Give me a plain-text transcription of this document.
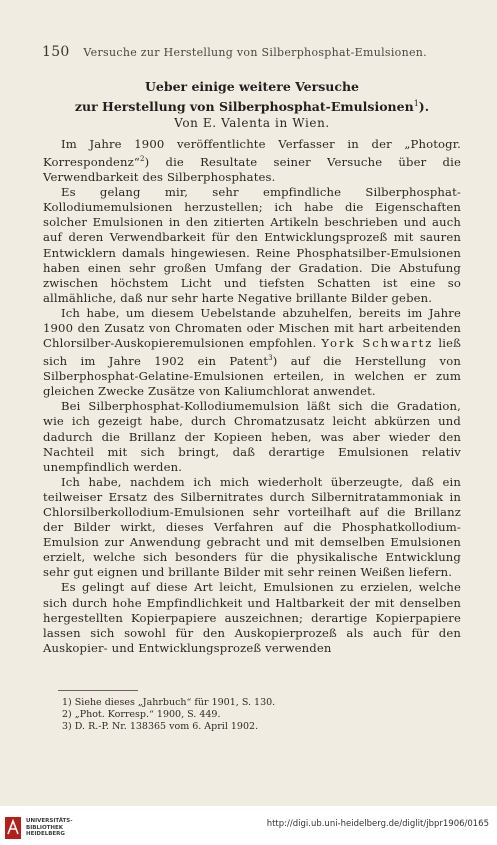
150 Versuche zur Herstellung von Silberphosphat-Emulsionen.
Ueber einige weitere Versuche
zur Herstellung von Silberphosphat-Emulsionen$^1$).
Von E. Valenta in Wien.

Im Jahre 1900 veröffentlichte Verfasser in der „Photogr. Korrespondenz“$^2$) die Resultate seiner Versuche über die Verwendbarkeit des Silberphosphates.

Es gelang mir, sehr empfindliche Silberphosphat-Kollodiumemulsionen herzustellen; ich habe die Eigenschaften solcher Emulsionen in den zitierten Artikeln beschrieben und auch auf deren Verwendbarkeit für den Entwicklungsprozeß mit sauren Entwicklern damals hingewiesen. Reine Phosphatsilber-Emulsionen haben einen sehr großen Umfang der Gradation. Die Abstufung zwischen höchstem Licht und tiefsten Schatten ist eine so allmähliche, daß nur sehr harte Negative brillante Bilder geben.

Ich habe, um diesem Uebelstande abzuhelfen, bereits im Jahre 1900 den Zusatz von Chromaten oder Mischen mit hart arbeitenden Chlorsilber-Auskopieremulsionen empfohlen. York Schwartz ließ sich im Jahre 1902 ein Patent$^3$) auf die Herstellung von Silberphosphat-Gelatine-Emulsionen erteilen, in welchen er zum gleichen Zwecke Zusätze von Kaliumchlorat anwendet.

Bei Silberphosphat-Kollodiumemulsion läßt sich die Gradation, wie ich gezeigt habe, durch Chromatzusatz leicht abkürzen und dadurch die Brillanz der Kopieen heben, was aber wieder den Nachteil mit sich bringt, daß derartige Emulsionen relativ unempfindlich werden.

Ich habe, nachdem ich mich wiederholt überzeugte, daß ein teilweiser Ersatz des Silbernitrates durch Silbernitratammoniak in Chlorsilberkollodium-Emulsionen sehr vorteilhaft auf die Brillanz der Bilder wirkt, dieses Verfahren auf die Phosphatkollodium-Emulsion zur Anwendung gebracht und mit demselben Emulsionen erzielt, welche sich besonders für die physikalische Entwicklung sehr gut eignen und brillante Bilder mit sehr reinen Weißen liefern.

Es gelingt auf diese Art leicht, Emulsionen zu erzielen, welche sich durch hohe Empfindlichkeit und Haltbarkeit der mit denselben hergestellten Kopierpapiere auszeichnen; derartige Kopierpapiere lassen sich sowohl für den Auskopierprozeß als auch für den Auskopier- und Entwicklungsprozeß verwenden

1) Siehe dieses „Jahrbuch“ für 1901, S. 130.
2) „Phot. Korresp.“ 1900, S. 449.
3) D. R.-P. Nr. 138365 vom 6. April 1902.
UNIVERSITÄTS-
BIBLIOTHEK
HEIDELBERG
http://digi.ub.uni-heidelberg.de/diglit/jbpr1906/0165
